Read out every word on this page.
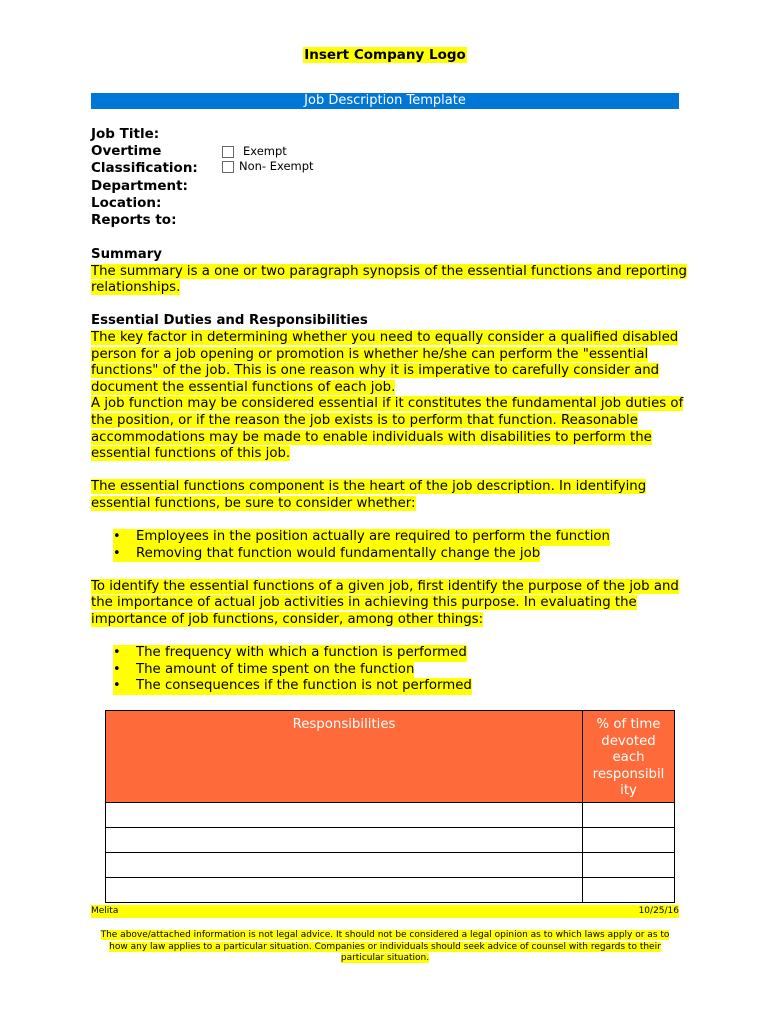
Insert Company Logo
Job Description Template
Job Title:
Overtime
Classification:
Department:
Location:
Reports to:
Exempt
Non- Exempt
Summary

The summary is a one or two paragraph synopsis of the essential functions and reporting relationships.

Essential Duties and Responsibilities

The key factor in determining whether you need to equally consider a qualified disabled person for a job opening or promotion is whether he/she can perform the "essential functions" of the job. This is one reason why it is imperative to carefully consider and document the essential functions of each job.

A job function may be considered essential if it constitutes the fundamental job duties of the position, or if the reason the job exists is to perform that function. Reasonable accommodations may be made to enable individuals with disabilities to perform the essential functions of this job.

The essential functions component is the heart of the job description. In identifying essential functions, be sure to consider whether:

•	Employees in the position actually are required to perform the function
•	Removing that function would fundamentally change the job

To identify the essential functions of a given job, first identify the purpose of the job and the importance of actual job activities in achieving this purpose. In evaluating the importance of job functions, consider, among other things:

•	The frequency with which a function is performed
•	The amount of time spent on the function
•	The consequences if the function is not performed
Responsibilities	% of time
devoted
each
responsibil
ity

Melita	10/25/16
The above/attached information is not legal advice. It should not be considered a legal opinion as to which laws apply or as to how any law applies to a particular situation. Companies or individuals should seek advice of counsel with regards to their particular situation.
